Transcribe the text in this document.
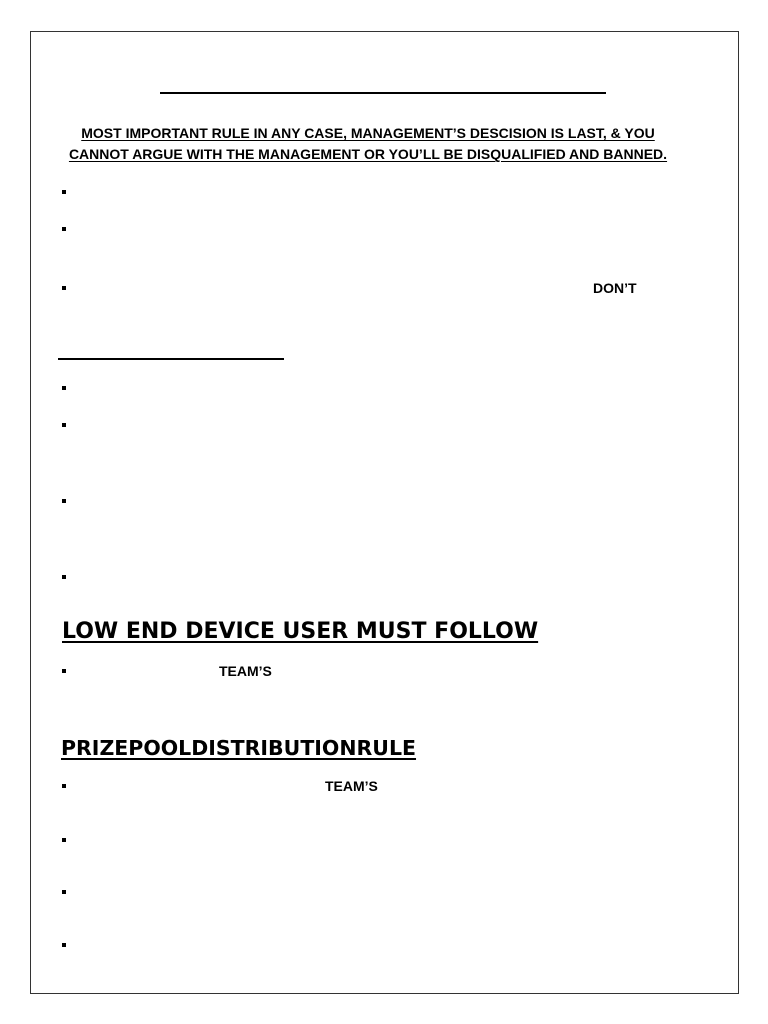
MOST IMPORTANT RULE IN ANY CASE, MANAGEMENT’S DESCISION IS LAST, & YOU
CANNOT ARGUE WITH THE MANAGEMENT OR YOU’LL BE DISQUALIFIED AND BANNED.
DON’T
LOW END DEVICE USER MUST FOLLOW
TEAM’S
PRIZEPOOLDISTRIBUTIONRULE
TEAM’S
